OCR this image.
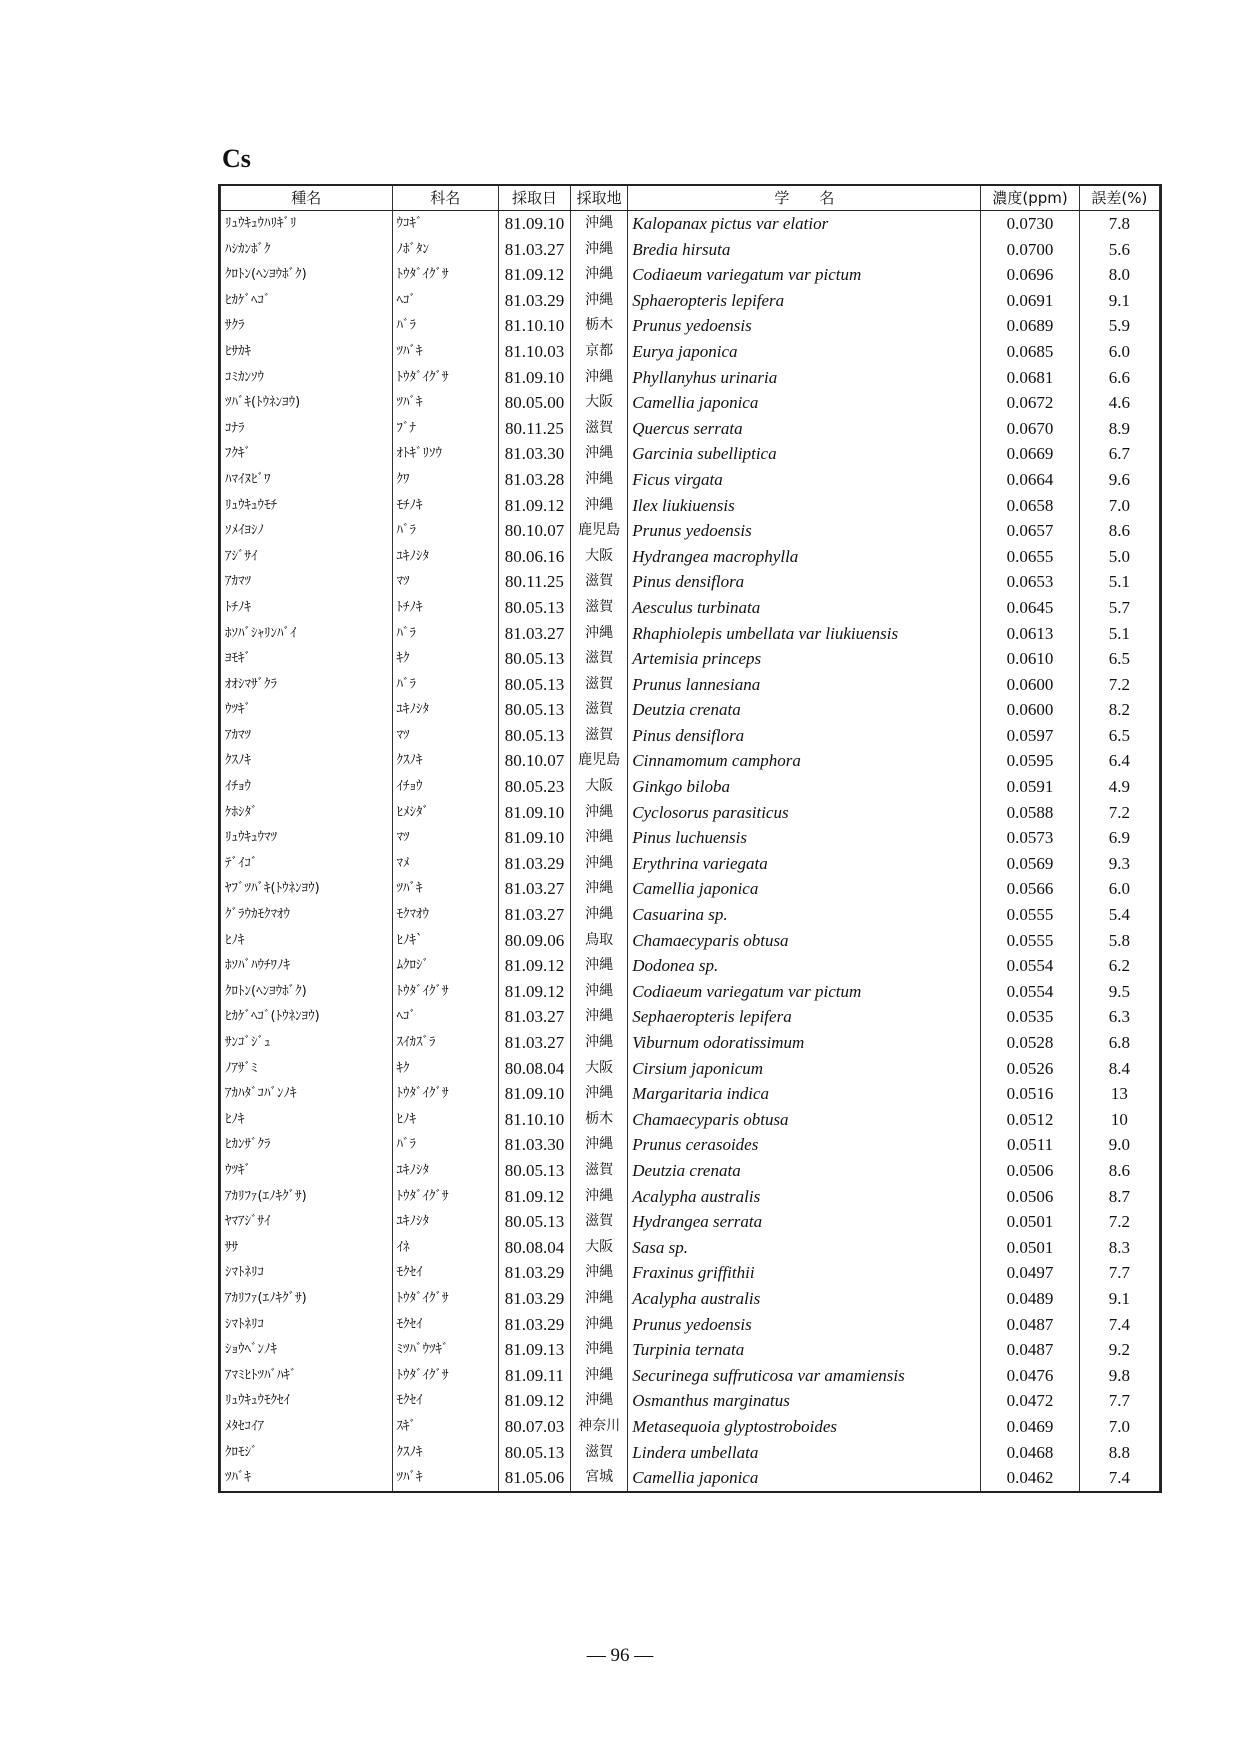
Cs
種名	科名	採取日	採取地	学　　名	濃度(ppm)	誤差(%)
ﾘｭｳｷｭｳﾊﾘｷﾞﾘ	ｳｺｷﾞ	81.09.10	沖縄	Kalopanax pictus var elatior	0.0730	7.8
ﾊｼｶﾝﾎﾞｸ	ﾉﾎﾞﾀﾝ	81.03.27	沖縄	Bredia hirsuta	0.0700	5.6
ｸﾛﾄﾝ(ﾍﾝﾖｳﾎﾞｸ)	ﾄｳﾀﾞｲｸﾞｻ	81.09.12	沖縄	Codiaeum variegatum var pictum	0.0696	8.0
ﾋｶｹﾞﾍｺﾞ	ﾍｺﾞ	81.03.29	沖縄	Sphaeropteris lepifera	0.0691	9.1
ｻｸﾗ	ﾊﾞﾗ	81.10.10	栃木	Prunus yedoensis	0.0689	5.9
ﾋｻｶｷ	ﾂﾊﾞｷ	81.10.03	京都	Eurya japonica	0.0685	6.0
ｺﾐｶﾝｿｳ	ﾄｳﾀﾞｲｸﾞｻ	81.09.10	沖縄	Phyllanyhus urinaria	0.0681	6.6
ﾂﾊﾞｷ(ﾄｳﾈﾝﾖｳ)	ﾂﾊﾞｷ	80.05.00	大阪	Camellia japonica	0.0672	4.6
ｺﾅﾗ	ﾌﾞﾅ	80.11.25	滋賀	Quercus serrata	0.0670	8.9
ﾌｸｷﾞ	ｵﾄｷﾞﾘｿｳ	81.03.30	沖縄	Garcinia subelliptica	0.0669	6.7
ﾊﾏｲﾇﾋﾞﾜ	ｸﾜ	81.03.28	沖縄	Ficus virgata	0.0664	9.6
ﾘｭｳｷｭｳﾓﾁ	ﾓﾁﾉｷ	81.09.12	沖縄	Ilex liukiuensis	0.0658	7.0
ｿﾒｲﾖｼﾉ	ﾊﾞﾗ	80.10.07	鹿児島	Prunus yedoensis	0.0657	8.6
ｱｼﾞｻｲ	ﾕｷﾉｼﾀ	80.06.16	大阪	Hydrangea macrophylla	0.0655	5.0
ｱｶﾏﾂ	ﾏﾂ	80.11.25	滋賀	Pinus densiflora	0.0653	5.1
ﾄﾁﾉｷ	ﾄﾁﾉｷ	80.05.13	滋賀	Aesculus turbinata	0.0645	5.7
ﾎｿﾊﾞｼｬﾘﾝﾊﾞｲ	ﾊﾞﾗ	81.03.27	沖縄	Rhaphiolepis umbellata var liukiuensis	0.0613	5.1
ﾖﾓｷﾞ	ｷｸ	80.05.13	滋賀	Artemisia princeps	0.0610	6.5
ｵｵｼﾏｻﾞｸﾗ	ﾊﾞﾗ	80.05.13	滋賀	Prunus lannesiana	0.0600	7.2
ｳﾂｷﾞ	ﾕｷﾉｼﾀ	80.05.13	滋賀	Deutzia crenata	0.0600	8.2
ｱｶﾏﾂ	ﾏﾂ	80.05.13	滋賀	Pinus densiflora	0.0597	6.5
ｸｽﾉｷ	ｸｽﾉｷ	80.10.07	鹿児島	Cinnamomum camphora	0.0595	6.4
ｲﾁｮｳ	ｲﾁｮｳ	80.05.23	大阪	Ginkgo biloba	0.0591	4.9
ｹﾎｼﾀﾞ	ﾋﾒｼﾀﾞ	81.09.10	沖縄	Cyclosorus parasiticus	0.0588	7.2
ﾘｭｳｷｭｳﾏﾂ	ﾏﾂ	81.09.10	沖縄	Pinus luchuensis	0.0573	6.9
ﾃﾞｲｺﾞ	ﾏﾒ	81.03.29	沖縄	Erythrina variegata	0.0569	9.3
ﾔﾌﾞﾂﾊﾞｷ(ﾄｳﾈﾝﾖｳ)	ﾂﾊﾞｷ	81.03.27	沖縄	Camellia japonica	0.0566	6.0
ｸﾞﾗｳｶﾓｸﾏｵｳ	ﾓｸﾏｵｳ	81.03.27	沖縄	Casuarina sp.	0.0555	5.4
ﾋﾉｷ	ﾋﾉｷ`	80.09.06	鳥取	Chamaecyparis obtusa	0.0555	5.8
ﾎｿﾊﾞﾊｳﾁﾜﾉｷ	ﾑｸﾛｼﾞ	81.09.12	沖縄	Dodonea sp.	0.0554	6.2
ｸﾛﾄﾝ(ﾍﾝﾖｳﾎﾞｸ)	ﾄｳﾀﾞｲｸﾞｻ	81.09.12	沖縄	Codiaeum variegatum var pictum	0.0554	9.5
ﾋｶｹﾞﾍｺﾞ(ﾄｳﾈﾝﾖｳ)	ﾍｺﾞ	81.03.27	沖縄	Sephaeropteris lepifera	0.0535	6.3
ｻﾝｺﾞｼﾞｭ	ｽｲｶｽﾞﾗ	81.03.27	沖縄	Viburnum odoratissimum	0.0528	6.8
ﾉｱｻﾞﾐ	ｷｸ	80.08.04	大阪	Cirsium japonicum	0.0526	8.4
ｱｶﾊﾀﾞｺﾊﾞﾝﾉｷ	ﾄｳﾀﾞｲｸﾞｻ	81.09.10	沖縄	Margaritaria indica	0.0516	13
ﾋﾉｷ	ﾋﾉｷ	81.10.10	栃木	Chamaecyparis obtusa	0.0512	10
ﾋｶﾝｻﾞｸﾗ	ﾊﾞﾗ	81.03.30	沖縄	Prunus cerasoides	0.0511	9.0
ｳﾂｷﾞ	ﾕｷﾉｼﾀ	80.05.13	滋賀	Deutzia crenata	0.0506	8.6
ｱｶﾘﾌｧ(ｴﾉｷｸﾞｻ)	ﾄｳﾀﾞｲｸﾞｻ	81.09.12	沖縄	Acalypha australis	0.0506	8.7
ﾔﾏｱｼﾞｻｲ	ﾕｷﾉｼﾀ	80.05.13	滋賀	Hydrangea serrata	0.0501	7.2
ｻｻ	ｲﾈ	80.08.04	大阪	Sasa sp.	0.0501	8.3
ｼﾏﾄﾈﾘｺ	ﾓｸｾｲ	81.03.29	沖縄	Fraxinus griffithii	0.0497	7.7
ｱｶﾘﾌｧ(ｴﾉｷｸﾞｻ)	ﾄｳﾀﾞｲｸﾞｻ	81.03.29	沖縄	Acalypha australis	0.0489	9.1
ｼﾏﾄﾈﾘｺ	ﾓｸｾｲ	81.03.29	沖縄	Prunus yedoensis	0.0487	7.4
ｼｮｳﾍﾞﾝﾉｷ	ﾐﾂﾊﾞｳﾂｷﾞ	81.09.13	沖縄	Turpinia ternata	0.0487	9.2
ｱﾏﾐﾋﾄﾂﾊﾞﾊｷﾞ	ﾄｳﾀﾞｲｸﾞｻ	81.09.11	沖縄	Securinega suffruticosa var amamiensis	0.0476	9.8
ﾘｭｳｷｭｳﾓｸｾｲ	ﾓｸｾｲ	81.09.12	沖縄	Osmanthus marginatus	0.0472	7.7
ﾒﾀｾｺｲｱ	ｽｷﾞ	80.07.03	神奈川	Metasequoia glyptostroboides	0.0469	7.0
ｸﾛﾓｼﾞ	ｸｽﾉｷ	80.05.13	滋賀	Lindera umbellata	0.0468	8.8
ﾂﾊﾞｷ	ﾂﾊﾞｷ	81.05.06	宮城	Camellia japonica	0.0462	7.4
— 96 —
